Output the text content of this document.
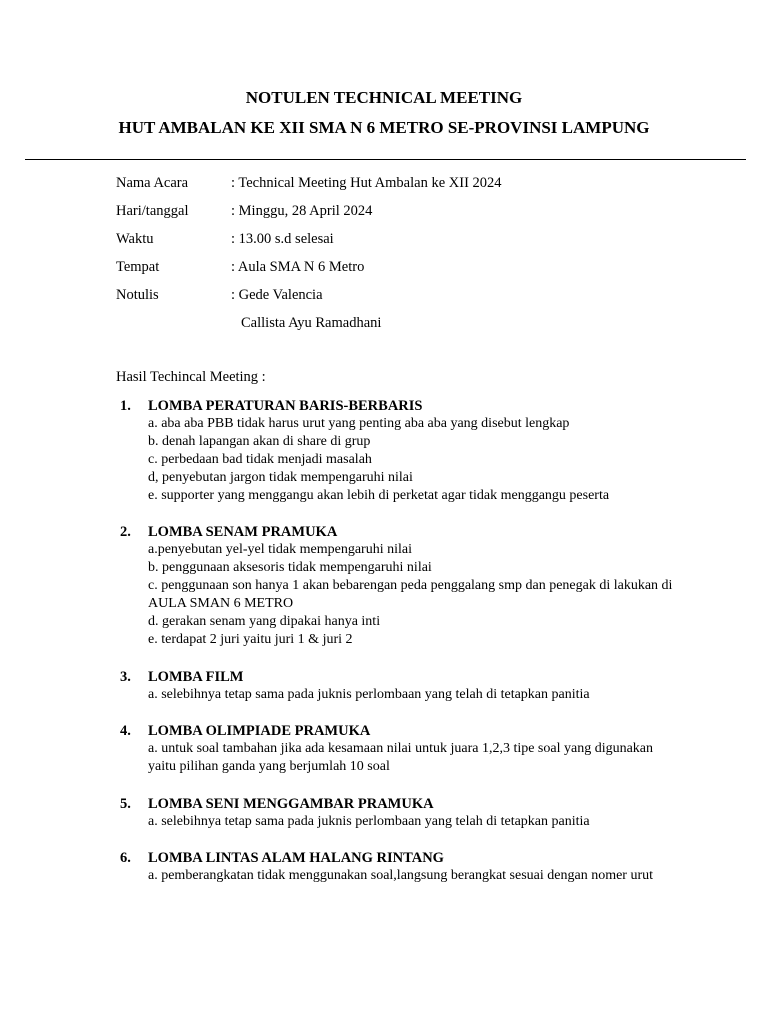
NOTULEN TECHNICAL MEETING
HUT AMBALAN KE XII SMA N 6 METRO SE-PROVINSI LAMPUNG
Nama Acara	: Technical Meeting Hut Ambalan ke XII 2024
Hari/tanggal	: Minggu, 28 April 2024
Waktu	: 13.00 s.d selesai
Tempat	: Aula SMA N 6 Metro
Notulis	: Gede Valencia
Callista Ayu Ramadhani
Hasil Techincal Meeting :
1. LOMBA PERATURAN BARIS-BERBARIS

a. aba aba PBB tidak harus urut yang penting aba aba yang disebut lengkap

b. denah lapangan akan di share di grup

c. perbedaan bad tidak menjadi masalah

d, penyebutan jargon tidak mempengaruhi nilai

e. supporter yang menggangu akan lebih di perketat agar tidak menggangu peserta

2. LOMBA SENAM PRAMUKA

a.penyebutan yel-yel tidak mempengaruhi nilai

b. penggunaan aksesoris tidak mempengaruhi nilai

c. penggunaan son hanya 1 akan bebarengan peda penggalang smp dan penegak di lakukan di AULA SMAN 6 METRO

d. gerakan senam yang dipakai hanya inti

e. terdapat 2 juri yaitu juri 1 & juri 2

3. LOMBA FILM

a. selebihnya tetap sama pada juknis perlombaan yang telah di tetapkan panitia

4. LOMBA OLIMPIADE PRAMUKA

a. untuk soal tambahan jika ada kesamaan nilai untuk juara 1,2,3 tipe soal yang digunakan yaitu pilihan ganda yang berjumlah 10 soal

5. LOMBA SENI MENGGAMBAR PRAMUKA

a. selebihnya tetap sama pada juknis perlombaan yang telah di tetapkan panitia

6. LOMBA LINTAS ALAM HALANG RINTANG

a. pemberangkatan tidak menggunakan soal,langsung berangkat sesuai dengan nomer urut
